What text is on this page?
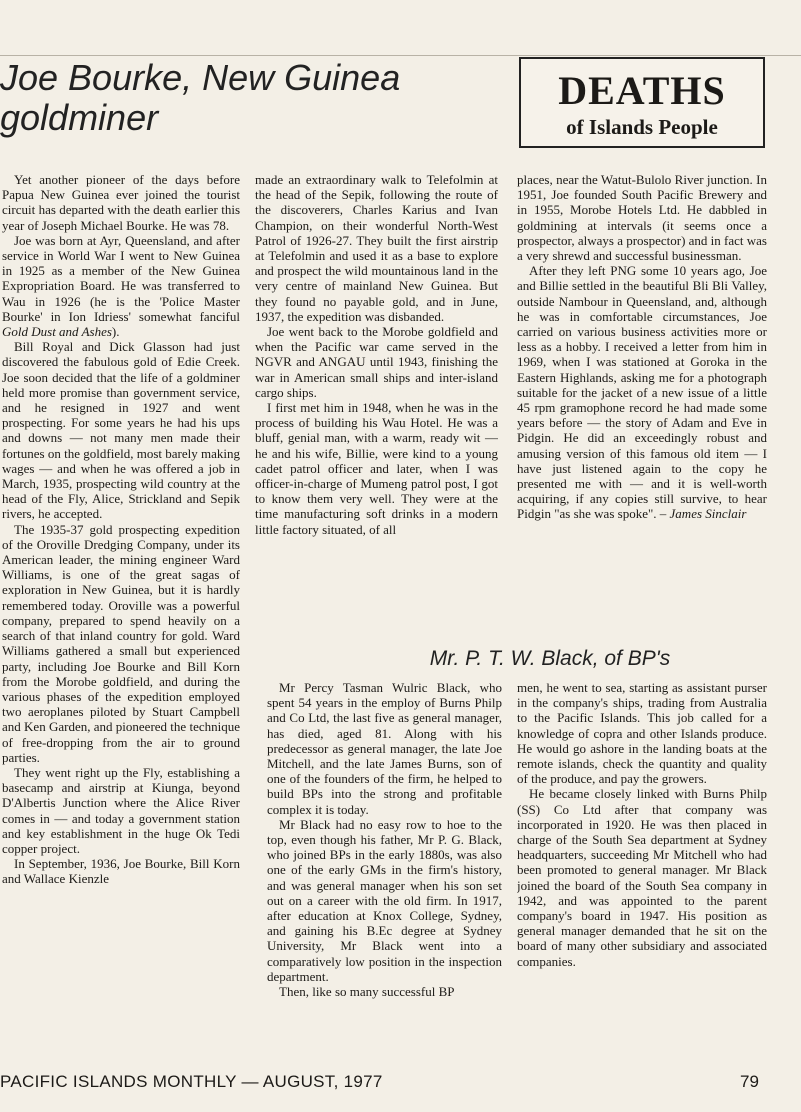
Joe Bourke, New Guinea goldminer
DEATHS
of Islands People

Yet another pioneer of the days before Papua New Guinea ever joined the tourist circuit has departed with the death earlier this year of Joseph Michael Bourke. He was 78.

Joe was born at Ayr, Queensland, and after service in World War I went to New Guinea in 1925 as a member of the New Guinea Expropriation Board. He was transferred to Wau in 1926 (he is the 'Police Master Bourke' in Ion Idriess' somewhat fanciful Gold Dust and Ashes).

Bill Royal and Dick Glasson had just discovered the fabulous gold of Edie Creek. Joe soon decided that the life of a goldminer held more promise than government service, and he resigned in 1927 and went prospecting. For some years he had his ups and downs — not many men made their fortunes on the goldfield, most barely making wages — and when he was offered a job in March, 1935, prospecting wild country at the head of the Fly, Alice, Strickland and Sepik rivers, he accepted.

The 1935-37 gold prospecting expedition of the Oroville Dredging Company, under its American leader, the mining engineer Ward Williams, is one of the great sagas of exploration in New Guinea, but it is hardly remembered today. Oroville was a powerful company, prepared to spend heavily on a search of that inland country for gold. Ward Williams gathered a small but experienced party, including Joe Bourke and Bill Korn from the Morobe goldfield, and during the various phases of the expedition employed two aeroplanes piloted by Stuart Campbell and Ken Garden, and pioneered the technique of free-dropping from the air to ground parties.

They went right up the Fly, establishing a basecamp and airstrip at Kiunga, beyond D'Albertis Junction where the Alice River comes in — and today a government station and key establishment in the huge Ok Tedi copper project.

In September, 1936, Joe Bourke, Bill Korn and Wallace Kienzle

made an extraordinary walk to Telefolmin at the head of the Sepik, following the route of the discoverers, Charles Karius and Ivan Champion, on their wonderful North-West Patrol of 1926-27. They built the first airstrip at Telefolmin and used it as a base to explore and prospect the wild mountainous land in the very centre of mainland New Guinea. But they found no payable gold, and in June, 1937, the expedition was disbanded.

Joe went back to the Morobe goldfield and when the Pacific war came served in the NGVR and ANGAU until 1943, finishing the war in American small ships and inter-island cargo ships.

I first met him in 1948, when he was in the process of building his Wau Hotel. He was a bluff, genial man, with a warm, ready wit — he and his wife, Billie, were kind to a young cadet patrol officer and later, when I was officer-in-charge of Mumeng patrol post, I got to know them very well. They were at the time manufacturing soft drinks in a modern little factory situated, of all

places, near the Watut-Bulolo River junction. In 1951, Joe founded South Pacific Brewery and in 1955, Morobe Hotels Ltd. He dabbled in goldmining at intervals (it seems once a prospector, always a prospector) and in fact was a very shrewd and successful businessman.

After they left PNG some 10 years ago, Joe and Billie settled in the beautiful Bli Bli Valley, outside Nambour in Queensland, and, although he was in comfortable circumstances, Joe carried on various business activities more or less as a hobby. I received a letter from him in 1969, when I was stationed at Goroka in the Eastern Highlands, asking me for a photograph suitable for the jacket of a new issue of a little 45 rpm gramophone record he had made some years before — the story of Adam and Eve in Pidgin. He did an exceedingly robust and amusing version of this famous old item — I have just listened again to the copy he presented me with — and it is well-worth acquiring, if any copies still survive, to hear Pidgin "as she was spoke". – James Sinclair

Mr. P. T. W. Black, of BP's

Mr Percy Tasman Wulric Black, who spent 54 years in the employ of Burns Philp and Co Ltd, the last five as general manager, has died, aged 81. Along with his predecessor as general manager, the late Joe Mitchell, and the late James Burns, son of one of the founders of the firm, he helped to build BPs into the strong and profitable complex it is today.

Mr Black had no easy row to hoe to the top, even though his father, Mr P. G. Black, who joined BPs in the early 1880s, was also one of the early GMs in the firm's history, and was general manager when his son set out on a career with the old firm. In 1917, after education at Knox College, Sydney, and gaining his B.Ec degree at Sydney University, Mr Black went into a comparatively low position in the inspection department.

Then, like so many successful BP

men, he went to sea, starting as assistant purser in the company's ships, trading from Australia to the Pacific Islands. This job called for a knowledge of copra and other Islands produce. He would go ashore in the landing boats at the remote islands, check the quantity and quality of the produce, and pay the growers.

He became closely linked with Burns Philp (SS) Co Ltd after that company was incorporated in 1920. He was then placed in charge of the South Sea department at Sydney headquarters, succeeding Mr Mitchell who had been promoted to general manager. Mr Black joined the board of the South Sea company in 1942, and was appointed to the parent company's board in 1947. His position as general manager demanded that he sit on the board of many other subsidiary and associated companies.

PACIFIC ISLANDS MONTHLY — AUGUST, 1977	79
